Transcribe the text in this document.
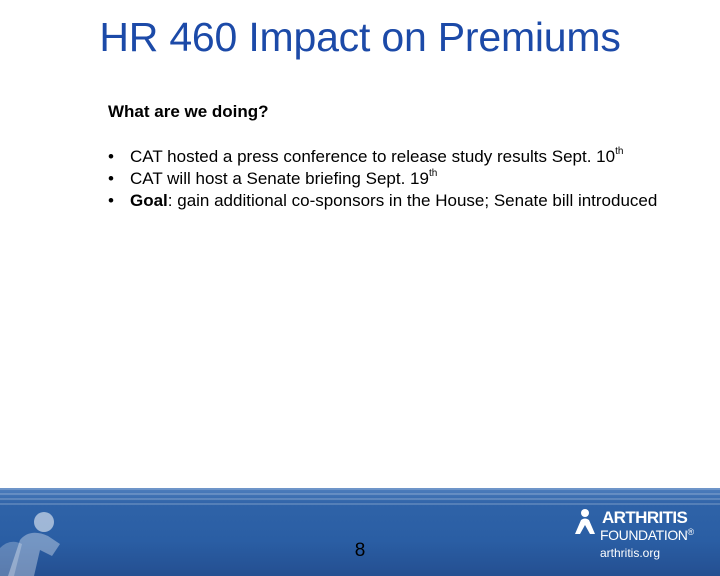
HR 460 Impact on Premiums
What are we doing?
• CAT hosted a press conference to release study results Sept. 10th
• CAT will host a Senate briefing Sept. 19th
• Goal: gain additional co-sponsors in the House; Senate bill introduced
8
ARTHRITIS
FOUNDATION®
arthritis.org
